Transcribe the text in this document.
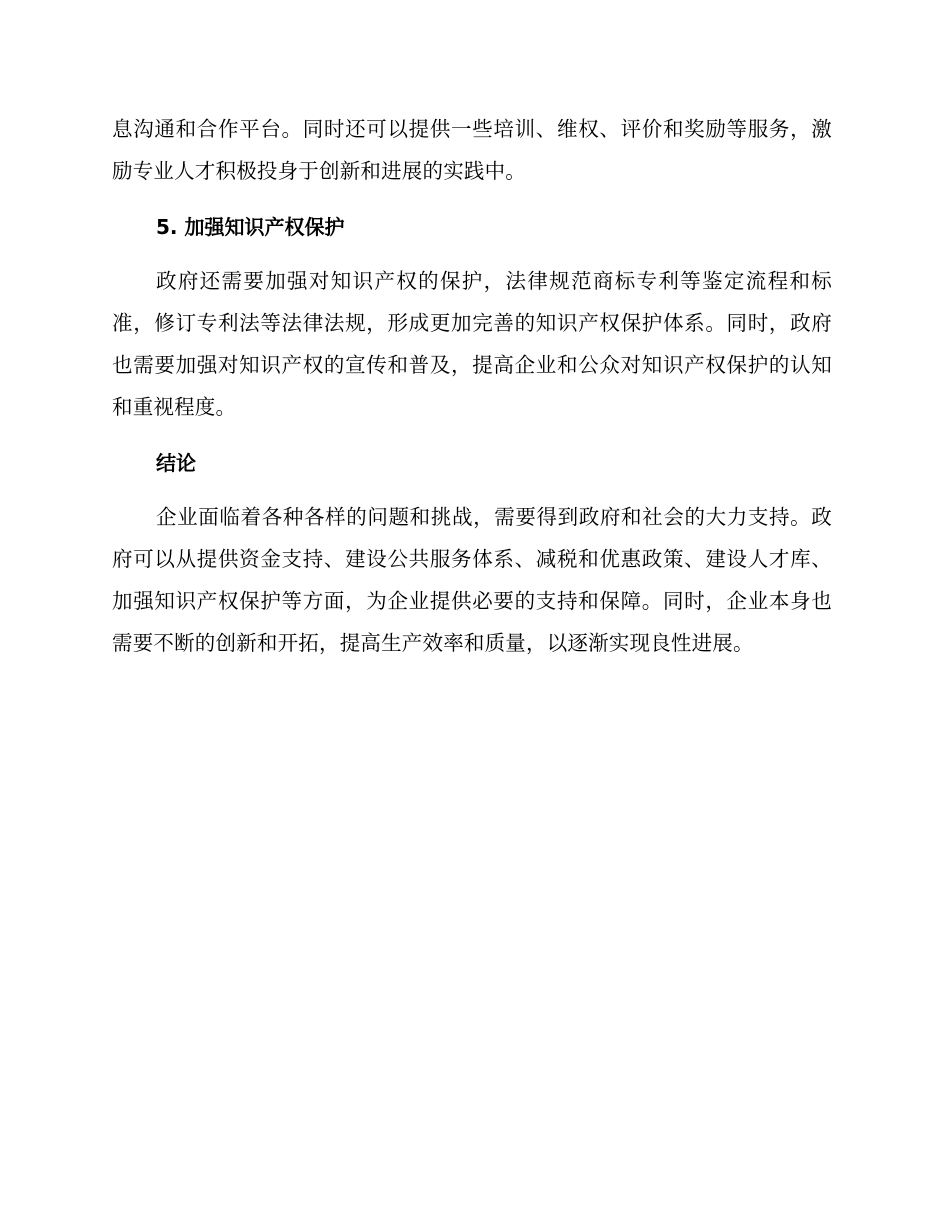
息沟通和合作平台。同时还可以提供一些培训、维权、评价和奖励等服务，激励专业人才积极投身于创新和进展的实践中。

5. 加强知识产权保护

政府还需要加强对知识产权的保护，法律规范商标专利等鉴定流程和标准，修订专利法等法律法规，形成更加完善的知识产权保护体系。同时，政府也需要加强对知识产权的宣传和普及，提高企业和公众对知识产权保护的认知和重视程度。

结论

企业面临着各种各样的问题和挑战，需要得到政府和社会的大力支持。政府可以从提供资金支持、建设公共服务体系、减税和优惠政策、建设人才库、加强知识产权保护等方面，为企业提供必要的支持和保障。同时，企业本身也需要不断的创新和开拓，提高生产效率和质量，以逐渐实现良性进展。
